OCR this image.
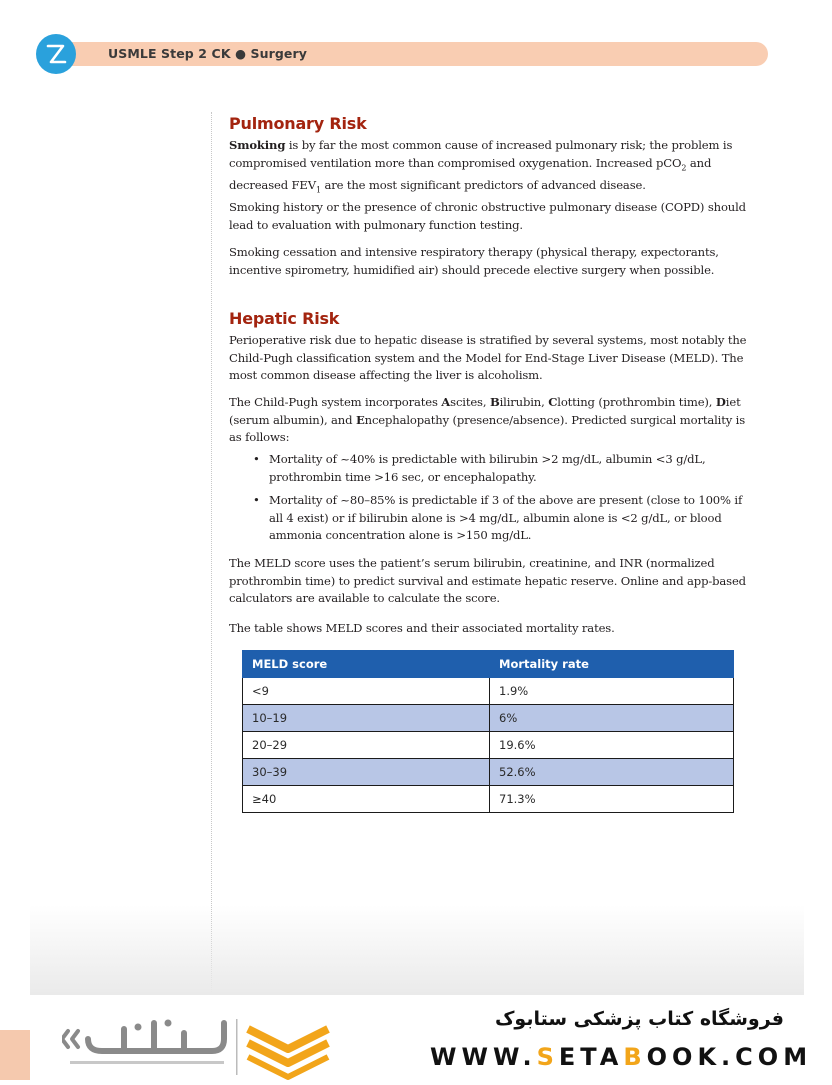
USMLE Step 2 CK ● Surgery
Pulmonary Risk
Smoking is by far the most common cause of increased pulmonary risk; the problem is compromised ventilation more than compromised oxygenation. Increased pCO$_2$ and decreased $FEV_1$ are the most significant predictors of advanced disease.
Smoking history or the presence of chronic obstructive pulmonary disease (COPD) should lead to evaluation with pulmonary function testing.
Smoking cessation and intensive respiratory therapy (physical therapy, expectorants, incentive spirometry, humidified air) should precede elective surgery when possible.
Hepatic Risk
Perioperative risk due to hepatic disease is stratified by several systems, most notably the Child-Pugh classification system and the Model for End-Stage Liver Disease (MELD). The most common disease affecting the liver is alcoholism.
The Child-Pugh system incorporates Ascites, Bilirubin, Clotting (prothrombin time), Diet (serum albumin), and Encephalopathy (presence/absence). Predicted surgical mortality is as follows:
• Mortality of ~40% is predictable with bilirubin >2 mg/dL, albumin <3 g/dL, prothrombin time >16 sec, or encephalopathy.
• Mortality of ~80–85% is predictable if 3 of the above are present (close to 100% if all 4 exist) or if bilirubin alone is >4 mg/dL, albumin alone is <2 g/dL, or blood ammonia concentration alone is >150 mg/dL.
The MELD score uses the patient’s serum bilirubin, creatinine, and INR (normalized prothrombin time) to predict survival and estimate hepatic reserve. Online and app-based calculators are available to calculate the score.
The table shows MELD scores and their associated mortality rates.
MELD score	Mortality rate
<9	1.9%
10–19	6%
20–29	19.6%
30–39	52.6%
≥40	71.3%
فروشگاه کتاب پزشکی ستابوک
WWW.SETABOOK.COM
